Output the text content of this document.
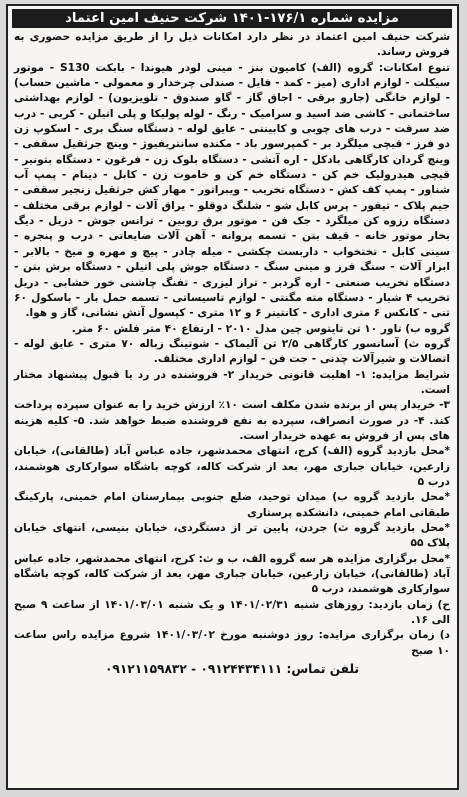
مزایده شماره ۱۷۶/۱-۱۴۰۱ شرکت حنیف امین اعتماد

شرکت حنیف امین اعتماد در نظر دارد امکانات ذیل را از طریق مزایده حضوری به فروش رساند.

تنوع امکانات: گروه (الف) کامیون بنز - مینی لودر هیوندا - بابکت S130 - موتور سیکلت - لوازم اداری (میز - کمد - فایل - صندلی چرخدار و معمولی - ماشین حساب) - لوازم خانگی (جارو برقی - اجاق گاز - گاو صندوق - تلویزیون) - لوازم بهداشتی ساختمانی - کاشی ضد اسید و سرامیک - رنگ - لوله پولیکا و پلی اتیلن - کربی - درب ضد سرقت - درب های چوبی و کابینتی - عایق لوله - دستگاه سنگ بری - اسکوپ زن دو فرز - قیچی میلگرد بر - کمپرسور باد - مکنده سانتریفیوژ - وینچ جرثقیل سقفی - وینچ گردان کارگاهی بادکل - اره آتشی - دستگاه بلوک زن - فرغون - دستگاه بتونیر - قیچی هیدرولیک خم کن - دستگاه خم کن و خاموت زن - کابل - دینام - پمپ آب شناور - پمپ کف کش - دستگاه تخریب - ویبراتور - مهار کش جرثقیل زنجیر سقفی - جیم پلاک - تیفور - پرس کابل شو - شلنگ دوقلو - یراق آلات - لوازم برقی مختلف - دستگاه رزوه کن میلگرد - جک فن - موتور برق روبین - ترانس جوش - دریل - دیگ بخار موتور خانه - قیف بتن - تسمه پروانه - آهن آلات ضایعاتی - درب و پنجره - سینی کابل - تختخواب - داربست چکشی - میله چادر - پیچ و مهره و میخ - بالابر - ابزار آلات - سنگ فرز و مینی سنگ - دستگاه جوش پلی اتیلن - دستگاه برش بتن - دستگاه تخریب صنعتی - اره گردبر - تراز لیزری - تفنگ چاشنی خور خشابی - دریل تخریب ۴ شیار - دستگاه مته مگنتی - لوازم تاسیساتی - تسمه حمل بار - باسکول ۶۰ تنی - کانکس ۶ متری اداری - کانتینر ۶ و ۱۲ متری - کپسول آتش نشانی، گاز و هوا.

گروه ب) تاور ۱۰ تن تایتوس چین مدل ۲۰۱۰ - ارتفاع ۴۰ متر فلش ۶۰ متر.

گروه ث) آسانسور کارگاهی ۲/۵ تن آلیماک - شوتینگ زباله ۷۰ متری - عایق لوله - اتصالات و شیرآلات چدنی - جت فن - لوازم اداری مختلف.

شرایط مزایده: ۱- اهلیت قانونی خریدار ۲- فروشنده در رد یا قبول پیشنهاد مختار است.

۳- خریدار پس از برنده شدن مکلف است ۱۰٪ ارزش خرید را به عنوان سپرده پرداخت کند. ۴- در صورت انصراف، سپرده به نفع فروشنده ضبط خواهد شد. ۵- کلیه هزینه های پس از فروش به عهده خریدار است.

*محل بازدید گروه (الف) کرج، انتهای محمدشهر، جاده عباس آباد (طالقانی)، خیابان زارعین، خیابان جباری مهر، بعد از شرکت کاله، کوچه باشگاه سوارکاری هوشمند، درب ۵

*محل بازدید گروه ب) میدان توحید، ضلع جنوبی بیمارستان امام خمینی، پارکینگ طبقاتی امام خمینی، دانشکده پرستاری

*محل بازدید گروه ث) جردن، پایین تر از دستگردی، خیابان بنیسی، انتهای خیابان پلاک ۵۵

*محل برگزاری مزایده هر سه گروه الف، ب و ث: کرج، انتهای محمدشهر، جاده عباس آباد (طالقانی)، خیابان زارعین، خیابان جباری مهر، بعد از شرکت کاله، کوچه باشگاه سوارکاری هوشمند، درب ۵

ح) زمان بازدید: روزهای شنبه ۱۴۰۱/۰۲/۳۱ و یک شنبه ۱۴۰۱/۰۳/۰۱ از ساعت ۹ صبح الی ۱۶.

د) زمان برگزاری مزایده: روز دوشنبه مورخ ۱۴۰۱/۰۳/۰۲ شروع مزایده راس ساعت ۱۰ صبح

تلفن تماس: ۰۹۱۲۴۴۳۴۱۱۱ - ۰۹۱۲۱۱۵۹۸۳۲
